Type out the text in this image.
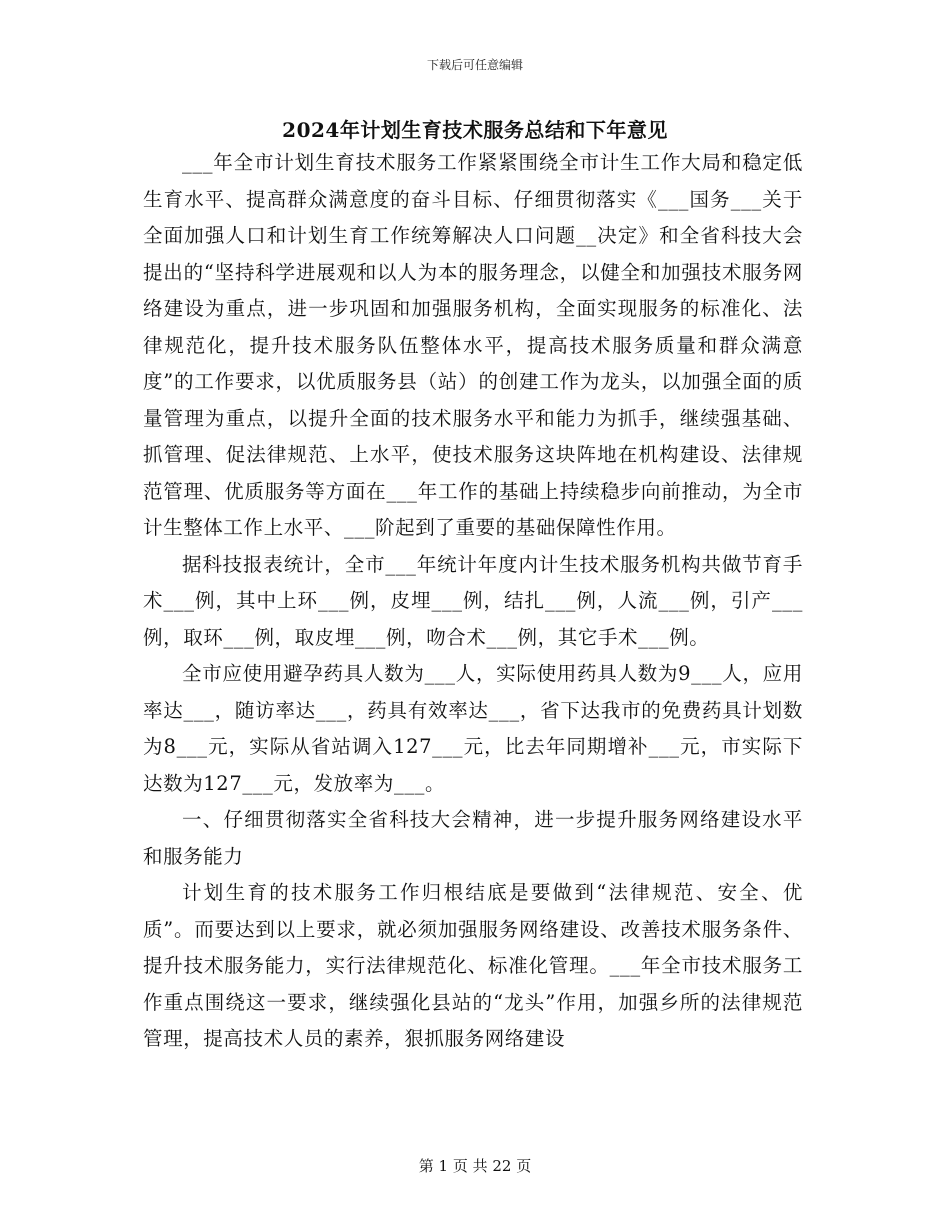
下载后可任意编辑
2024年计划生育技术服务总结和下年意见

___年全市计划生育技术服务工作紧紧围绕全市计生工作大局和稳定低生育水平、提高群众满意度的奋斗目标、仔细贯彻落实《___国务___关于全面加强人口和计划生育工作统筹解决人口问题__决定》和全省科技大会提出的“坚持科学进展观和以人为本的服务理念，以健全和加强技术服务网络建设为重点，进一步巩固和加强服务机构，全面实现服务的标准化、法律规范化，提升技术服务队伍整体水平，提高技术服务质量和群众满意度”的工作要求，以优质服务县（站）的创建工作为龙头，以加强全面的质量管理为重点，以提升全面的技术服务水平和能力为抓手，继续强基础、抓管理、促法律规范、上水平，使技术服务这块阵地在机构建设、法律规范管理、优质服务等方面在___年工作的基础上持续稳步向前推动，为全市计生整体工作上水平、___阶起到了重要的基础保障性作用。

据科技报表统计，全市___年统计年度内计生技术服务机构共做节育手术___例，其中上环___例，皮埋___例，结扎___例，人流___例，引产___例，取环___例，取皮埋___例，吻合术___例，其它手术___例。

全市应使用避孕药具人数为___人，实际使用药具人数为9___人，应用率达___，随访率达___，药具有效率达___，省下达我市的免费药具计划数为8___元，实际从省站调入127___元，比去年同期增补___元，市实际下达数为127___元，发放率为___。

一、仔细贯彻落实全省科技大会精神，进一步提升服务网络建设水平和服务能力

计划生育的技术服务工作归根结底是要做到“法律规范、安全、优质”。而要达到以上要求，就必须加强服务网络建设、改善技术服务条件、提升技术服务能力，实行法律规范化、标准化管理。___年全市技术服务工作重点围绕这一要求，继续强化县站的“龙头”作用，加强乡所的法律规范管理，提高技术人员的素养，狠抓服务网络建设

第 1 页 共 22 页
